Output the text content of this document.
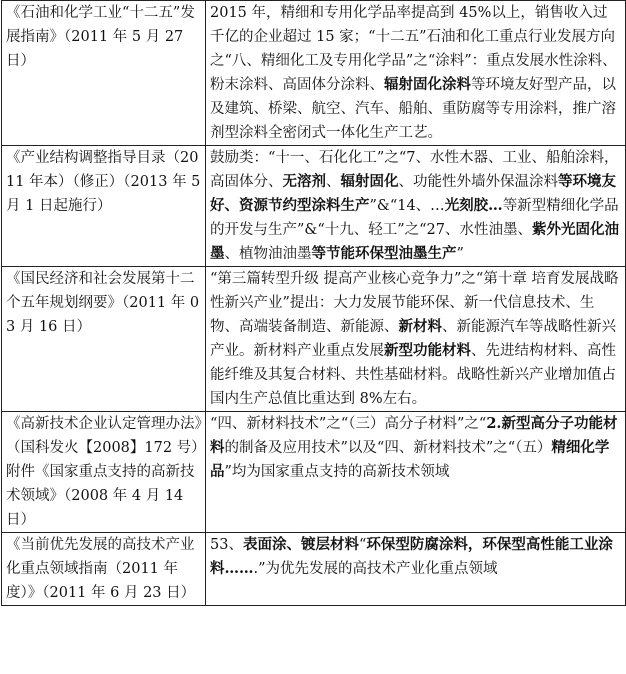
《石油和化学工业“十二五”发展指南》（2011 年 5 月 27 日）	2015 年，精细和专用化学品率提高到 45%以上，销售收入过千亿的企业超过 15 家；“十二五”石油和化工重点行业发展方向之“八、精细化工及专用化学品”之“涂料”：重点发展水性涂料、粉末涂料、高固体分涂料、辐射固化涂料等环境友好型产品，以及建筑、桥梁、航空、汽车、船舶、重防腐等专用涂料，推广溶剂型涂料全密闭式一体化生产工艺。
《产业结构调整指导目录（2011 年本）（修正）（2013 年 5 月 1 日起施行）	鼓励类：“十一、石化化工”之“7、水性木器、工业、船舶涂料，高固体分、无溶剂、辐射固化、功能性外墙外保温涂料等环境友好、资源节约型涂料生产”&“14、…光刻胶…等新型精细化学品的开发与生产”&“十九、轻工”之“27、水性油墨、紫外光固化油墨、植物油油墨等节能环保型油墨生产”
《国民经济和社会发展第十二个五年规划纲要》（2011 年 03 月 16 日）	“第三篇转型升级 提高产业核心竞争力”之“第十章 培育发展战略性新兴产业”提出：大力发展节能环保、新一代信息技术、生物、高端装备制造、新能源、新材料、新能源汽车等战略性新兴产业。新材料产业重点发展新型功能材料、先进结构材料、高性能纤维及其复合材料、共性基础材料。战略性新兴产业增加值占国内生产总值比重达到 8%左右。
《高新技术企业认定管理办法》（国科发火【2008】172 号）附件《国家重点支持的高新技术领域》（2008 年 4 月 14 日）	“四、新材料技术”之“（三）高分子材料”之“2.新型高分子功能材料的制备及应用技术”以及“四、新材料技术”之“（五）精细化学品”均为国家重点支持的高新技术领域
《当前优先发展的高技术产业化重点领域指南（2011 年度）》（2011 年 6 月 23 日）	53、表面涂、镀层材料“环保型防腐涂料，环保型高性能工业涂料…….”为优先发展的高技术产业化重点领域
